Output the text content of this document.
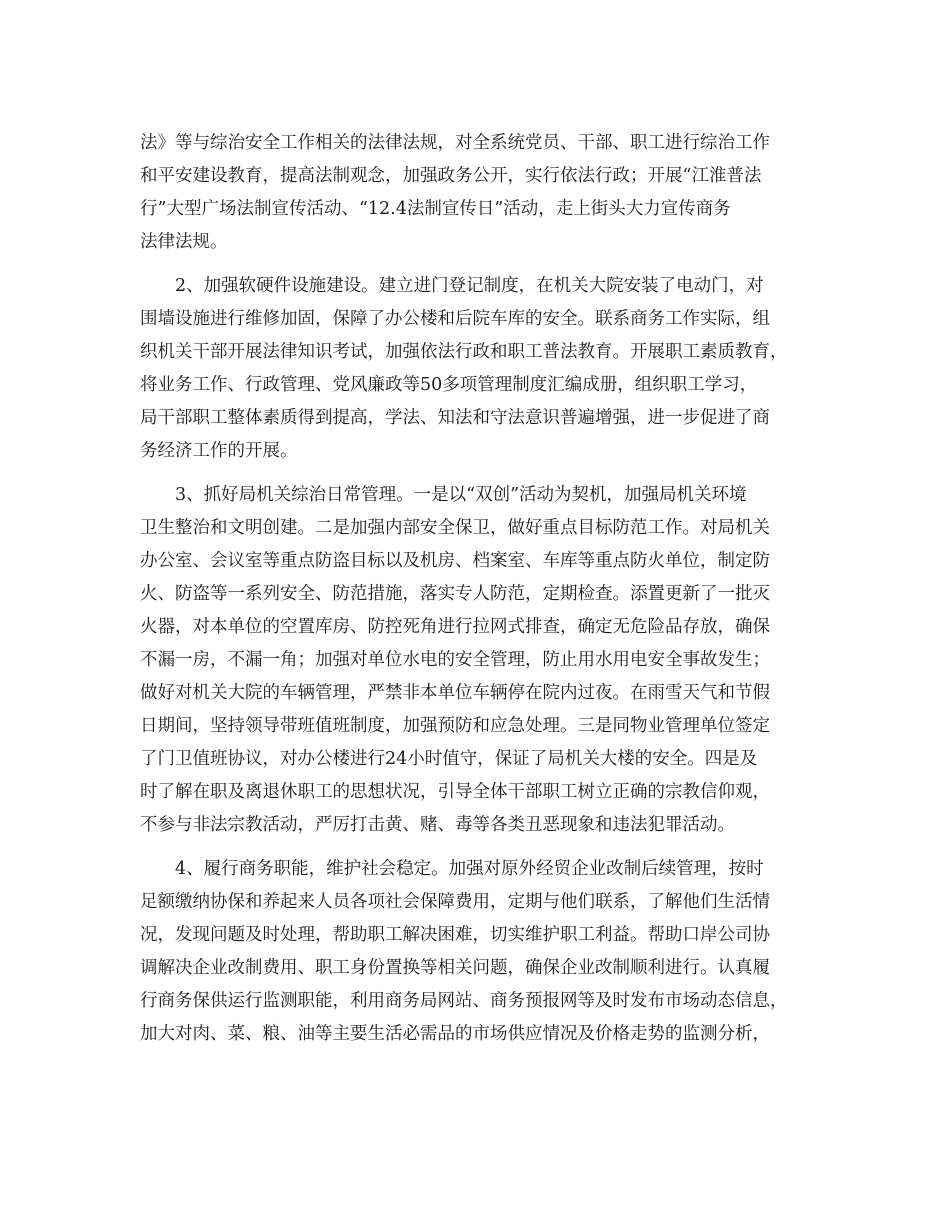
法》等与综治安全工作相关的法律法规，对全系统党员、干部、职工进行综治工作
和平安建设教育，提高法制观念，加强政务公开，实行依法行政；开展“江淮普法
行”大型广场法制宣传活动、“12.4法制宣传日”活动，走上街头大力宣传商务
法律法规。
　　2、加强软硬件设施建设。建立进门登记制度，在机关大院安装了电动门，对
围墙设施进行维修加固，保障了办公楼和后院车库的安全。联系商务工作实际，组
织机关干部开展法律知识考试，加强依法行政和职工普法教育。开展职工素质教育，
将业务工作、行政管理、党风廉政等50多项管理制度汇编成册，组织职工学习，
局干部职工整体素质得到提高，学法、知法和守法意识普遍增强，进一步促进了商
务经济工作的开展。
　　3、抓好局机关综治日常管理。一是以“双创”活动为契机，加强局机关环境
卫生整治和文明创建。二是加强内部安全保卫，做好重点目标防范工作。对局机关
办公室、会议室等重点防盗目标以及机房、档案室、车库等重点防火单位，制定防
火、防盗等一系列安全、防范措施，落实专人防范，定期检查。添置更新了一批灭
火器，对本单位的空置库房、防控死角进行拉网式排查，确定无危险品存放，确保
不漏一房，不漏一角；加强对单位水电的安全管理，防止用水用电安全事故发生；
做好对机关大院的车辆管理，严禁非本单位车辆停在院内过夜。在雨雪天气和节假
日期间，坚持领导带班值班制度，加强预防和应急处理。三是同物业管理单位签定
了门卫值班协议，对办公楼进行24小时值守，保证了局机关大楼的安全。四是及
时了解在职及离退休职工的思想状况，引导全体干部职工树立正确的宗教信仰观，
不参与非法宗教活动，严厉打击黄、赌、毒等各类丑恶现象和违法犯罪活动。
　　4、履行商务职能，维护社会稳定。加强对原外经贸企业改制后续管理，按时
足额缴纳协保和养起来人员各项社会保障费用，定期与他们联系，了解他们生活情
况，发现问题及时处理，帮助职工解决困难，切实维护职工利益。帮助口岸公司协
调解决企业改制费用、职工身份置换等相关问题，确保企业改制顺利进行。认真履
行商务保供运行监测职能，利用商务局网站、商务预报网等及时发布市场动态信息，
加大对肉、菜、粮、油等主要生活必需品的市场供应情况及价格走势的监测分析，
